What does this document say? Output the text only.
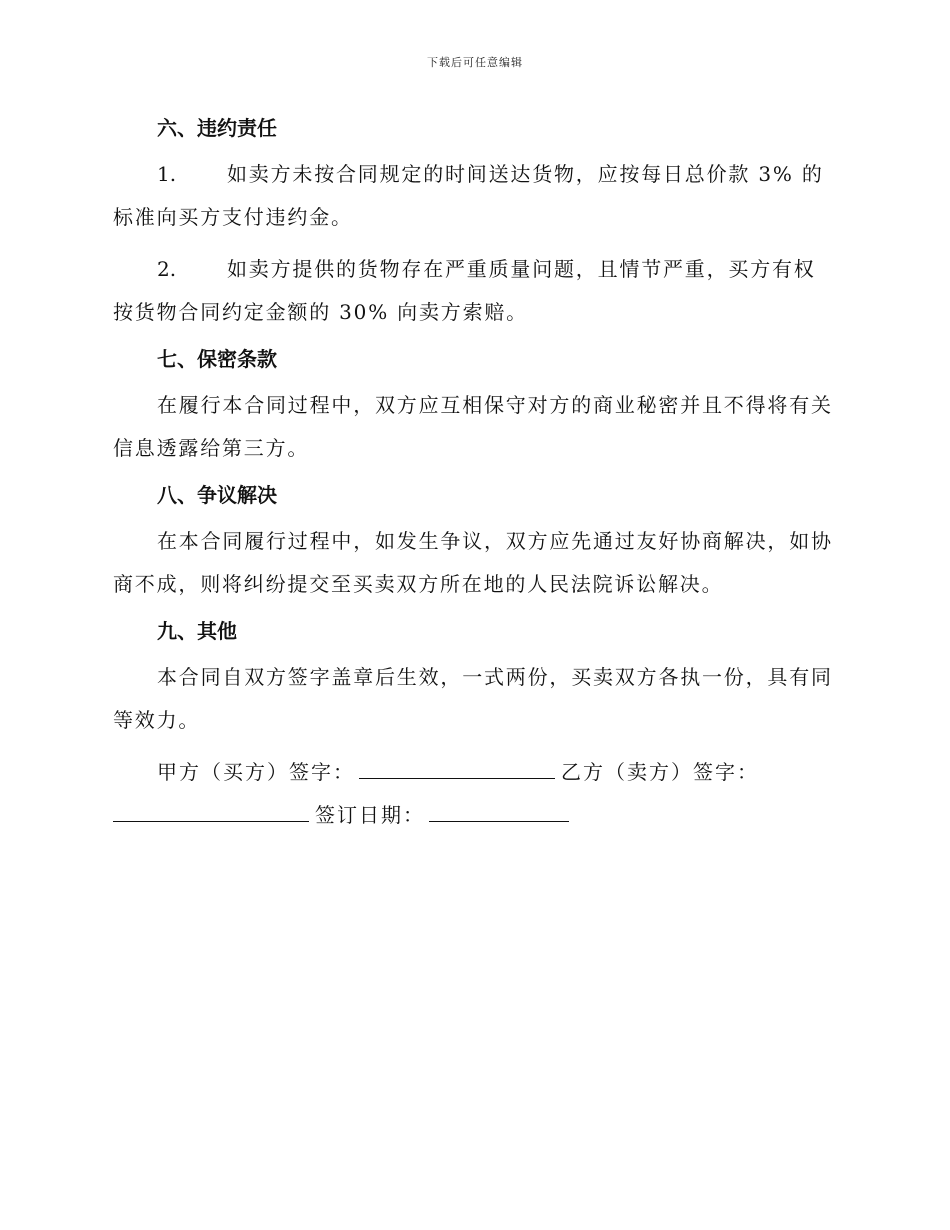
下载后可任意编辑
六、违约责任

1.	如卖方未按合同规定的时间送达货物，应按每日总价款 3% 的标准向买方支付违约金。

2.	如卖方提供的货物存在严重质量问题，且情节严重，买方有权按货物合同约定金额的 30% 向卖方索赔。

七、保密条款

在履行本合同过程中，双方应互相保守对方的商业秘密并且不得将有关信息透露给第三方。

八、争议解决

在本合同履行过程中，如发生争议，双方应先通过友好协商解决，如协商不成，则将纠纷提交至买卖双方所在地的人民法院诉讼解决。

九、其他

本合同自双方签字盖章后生效，一式两份，买卖双方各执一份，具有同等效力。

甲方（买方）签字：	乙方（卖方）签字：

签订日期：
